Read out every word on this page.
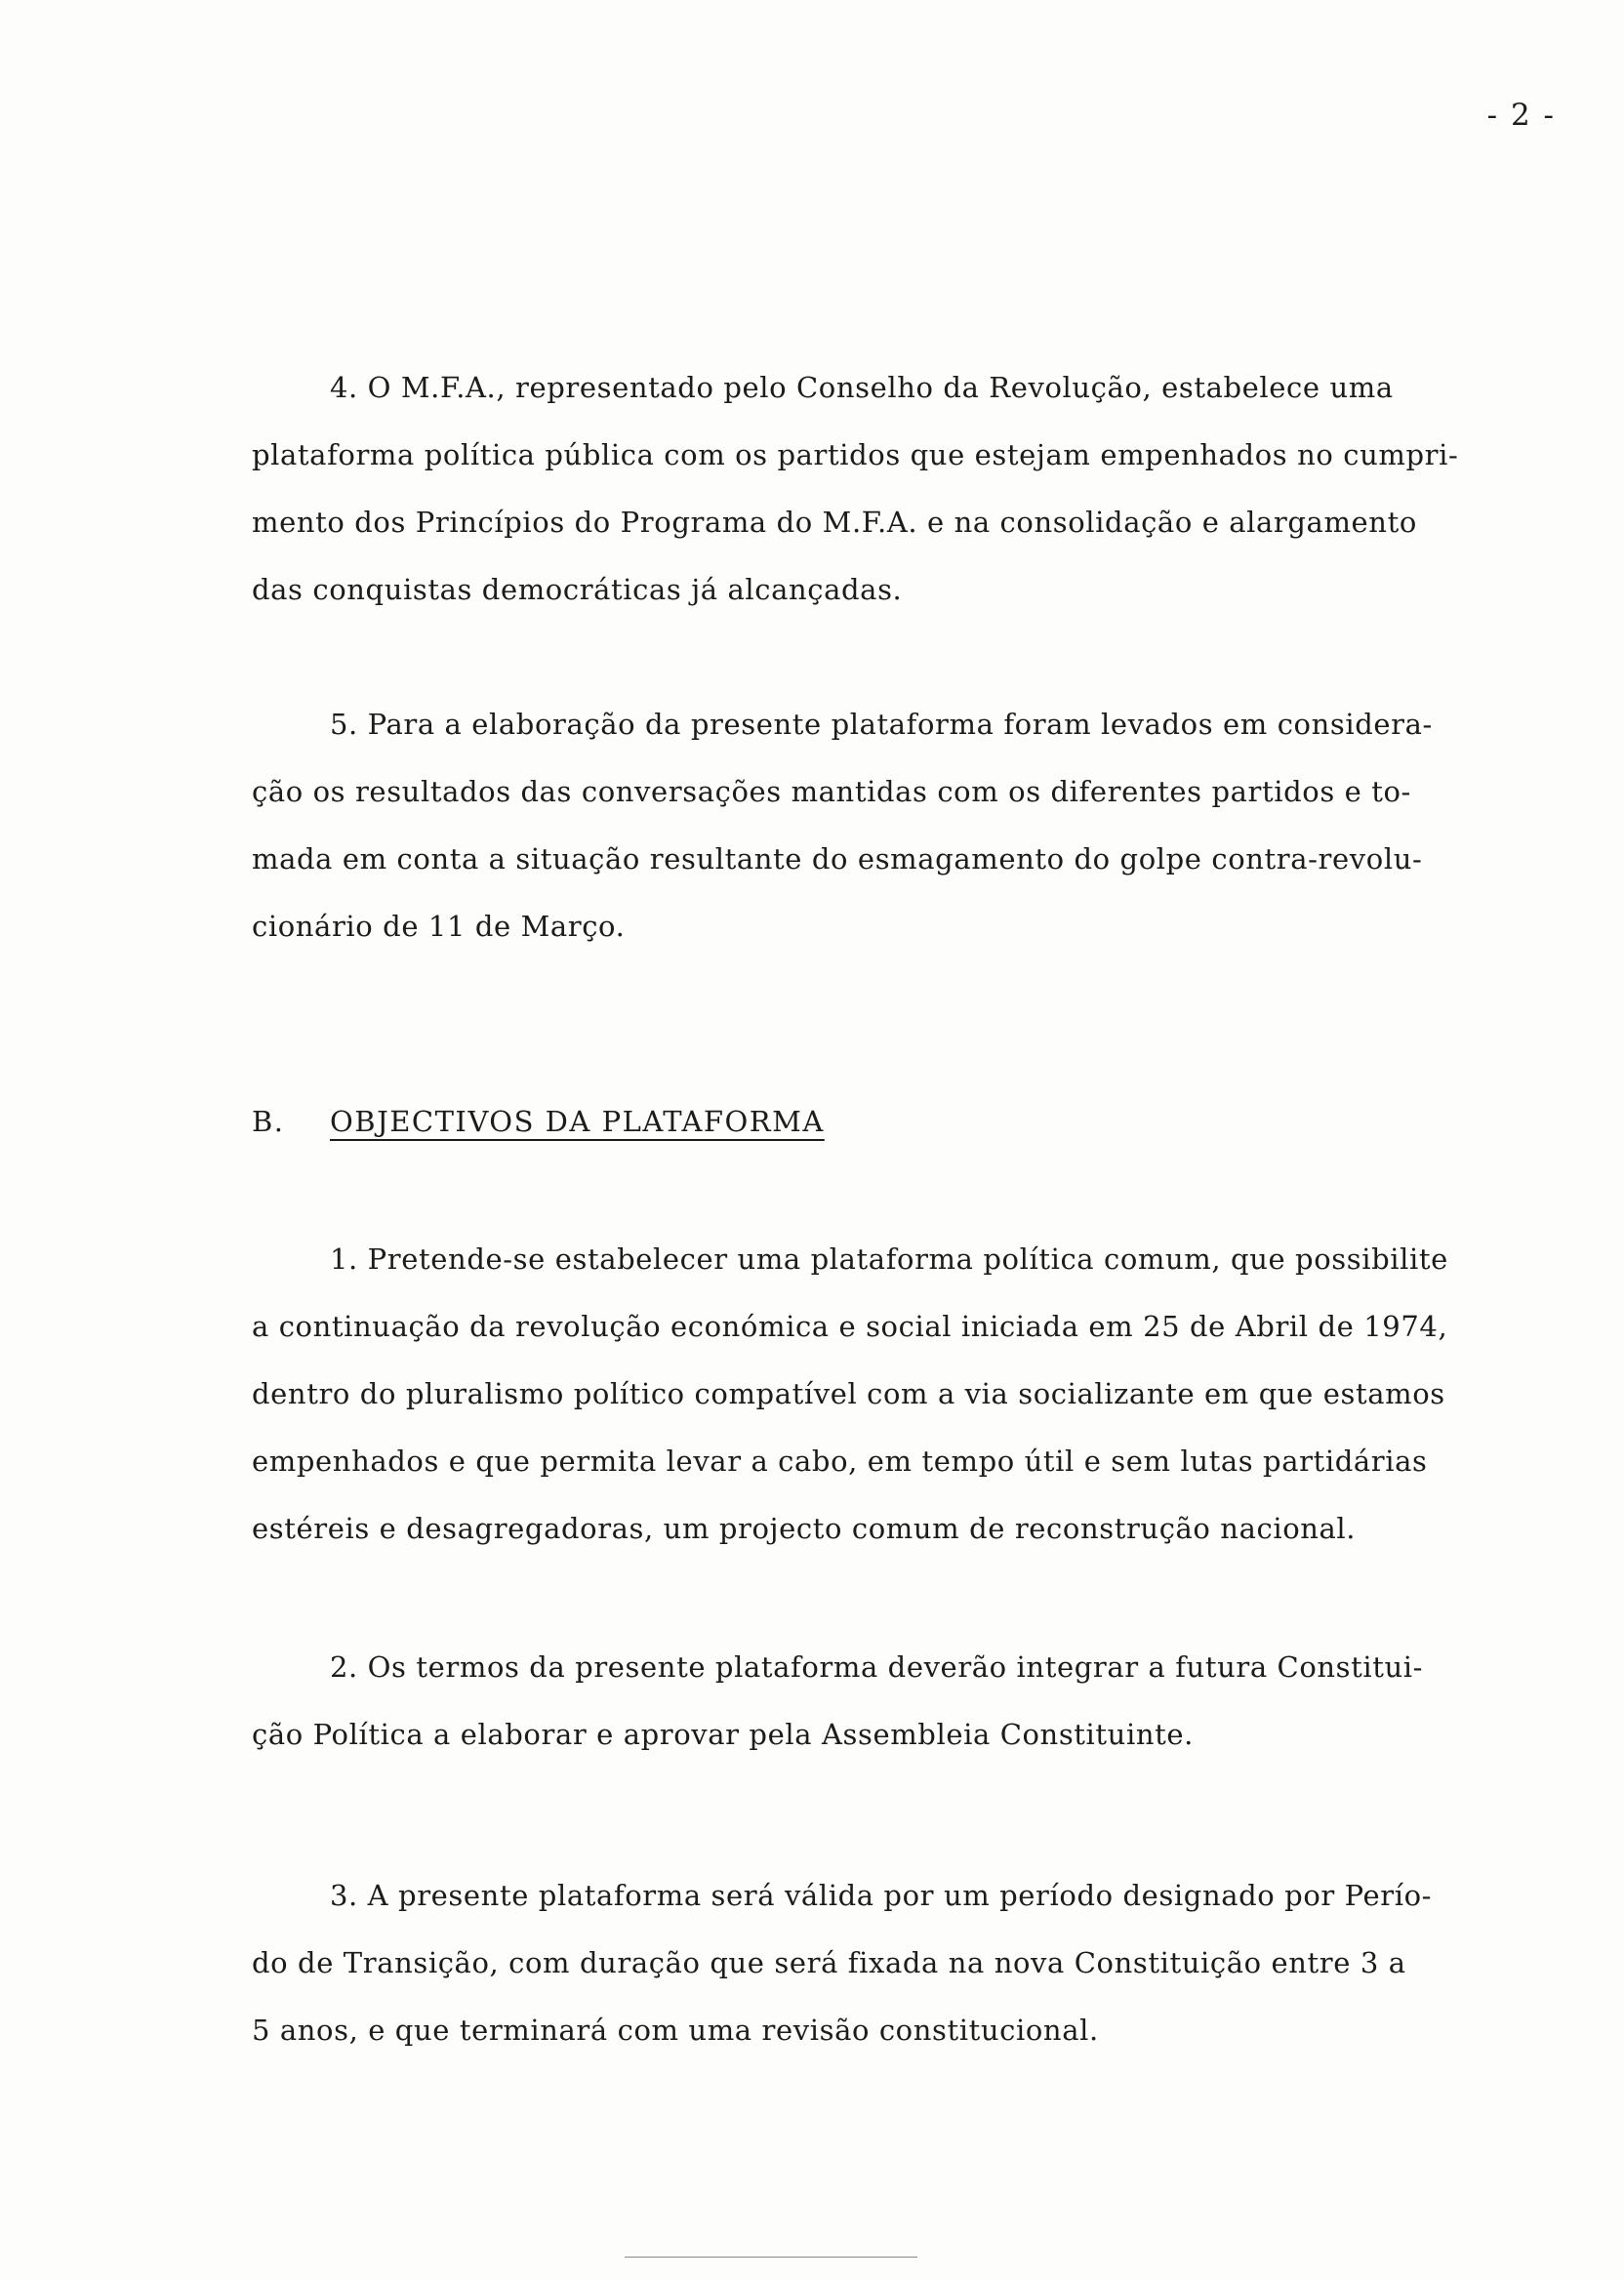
- 2 -
4. O M.F.A., representado pelo Conselho da Revolução, estabelece uma
plataforma política pública com os partidos que estejam empenhados no cumpri-
mento dos Princípios do Programa do M.F.A. e na consolidação e alargamento
das conquistas democráticas já alcançadas.
5. Para a elaboração da presente plataforma foram levados em considera-
ção os resultados das conversações mantidas com os diferentes partidos e to-
mada em conta a situação resultante do esmagamento do golpe contra-revolu-
cionário de 11 de Março.
B. OBJECTIVOS DA PLATAFORMA
1. Pretende-se estabelecer uma plataforma política comum, que possibilite
a continuação da revolução económica e social iniciada em 25 de Abril de 1974,
dentro do pluralismo político compatível com a via socializante em que estamos
empenhados e que permita levar a cabo, em tempo útil e sem lutas partidárias
estéreis e desagregadoras, um projecto comum de reconstrução nacional.
2. Os termos da presente plataforma deverão integrar a futura Constitui-
ção Política a elaborar e aprovar pela Assembleia Constituinte.
3. A presente plataforma será válida por um período designado por Perío-
do de Transição, com duração que será fixada na nova Constituição entre 3 a
5 anos, e que terminará com uma revisão constitucional.
